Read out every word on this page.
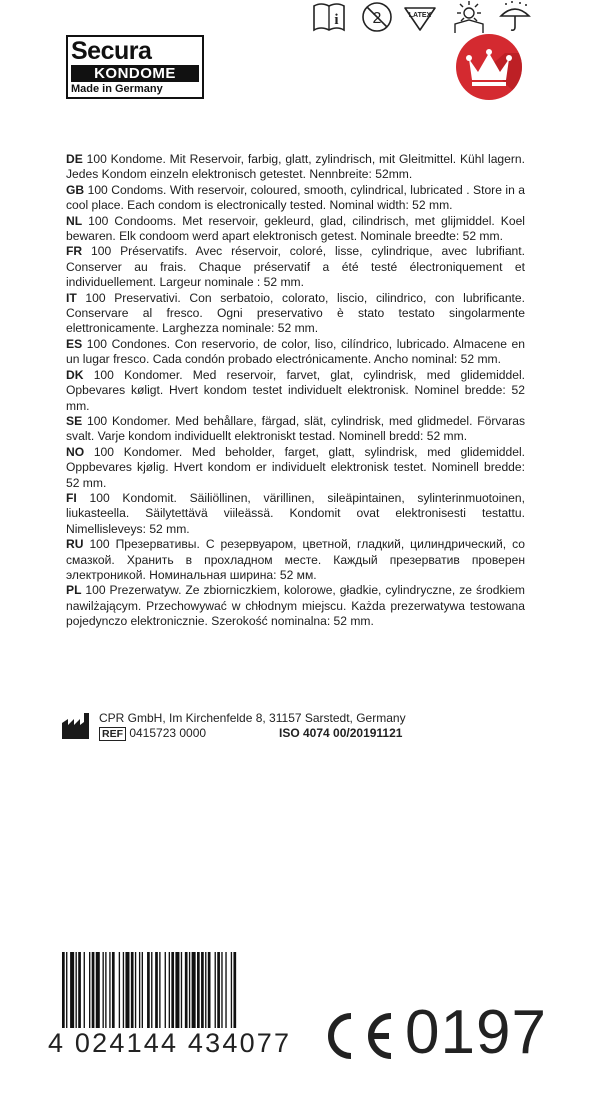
Secura
KONDOME
Made in Germany

DE 100 Kondome. Mit Reservoir, farbig, glatt, zylindrisch, mit Gleitmittel. Kühl lagern. Jedes Kondom einzeln elektronisch getestet. Nennbreite: 52mm.

GB 100 Condoms. With reservoir, coloured, smooth, cylindrical, lubricated . Store in a cool place. Each condom is electronically tested. Nominal width: 52 mm.

NL 100 Condooms. Met reservoir, gekleurd, glad, cilindrisch, met glijmiddel. Koel bewaren. Elk condoom werd apart elektronisch getest. Nominale breedte: 52 mm.

FR 100 Préservatifs. Avec réservoir, coloré, lisse, cylindrique, avec lubrifiant. Conserver au frais. Chaque préservatif a été testé électroniquement et individuellement. Largeur nominale : 52 mm.

IT 100 Preservativi. Con serbatoio, colorato, liscio, cilindrico, con lubrificante. Conservare al fresco. Ogni preservativo è stato testato singolarmente elettronicamente. Larghezza nominale: 52 mm.

ES 100 Condones. Con reservorio, de color, liso, cilíndrico, lubricado. Almacene en un lugar fresco. Cada condón probado electrónicamente. Ancho nominal: 52 mm.

DK 100 Kondomer. Med reservoir, farvet, glat, cylindrisk, med glidemiddel. Opbevares køligt. Hvert kondom testet individuelt elektronisk. Nominel bredde: 52 mm.

SE 100 Kondomer. Med behållare, färgad, slät, cylindrisk, med glidmedel. Förvaras svalt. Varje kondom individuellt elektroniskt testad. Nominell bredd: 52 mm.

NO 100 Kondomer. Med beholder, farget, glatt, sylindrisk, med glidemiddel. Oppbevares kjølig. Hvert kondom er individuelt elektronisk testet. Nominell bredde: 52 mm.

FI 100 Kondomit. Säiliöllinen, värillinen, sileäpintainen, sylinterinmuotoinen, liukasteella. Säilytettävä viileässä. Kondomit ovat elektronisesti testattu. Nimellisleveys: 52 mm.

RU 100 Презервативы. С резервуаром, цветной, гладкий, цилиндрический, со смазкой. Хранить в прохладном месте. Каждый презерватив проверен электроникой. Номинальная ширина: 52 мм.

PL 100 Prezerwatyw. Ze zbiorniczkiem, kolorowe, gładkie, cylindryczne, ze środkiem nawilżającym. Przechowywać w chłodnym miejscu. Każda prezerwatywa testowana pojedynczo elektronicznie. Szerokość nominalna: 52 mm.

CPR GmbH, Im Kirchenfelde 8, 31157 Sarstedt, Germany
REF 0415723 0000	ISO 4074 00/20191121
4 024144 434077
i 2	LATEX
0197
